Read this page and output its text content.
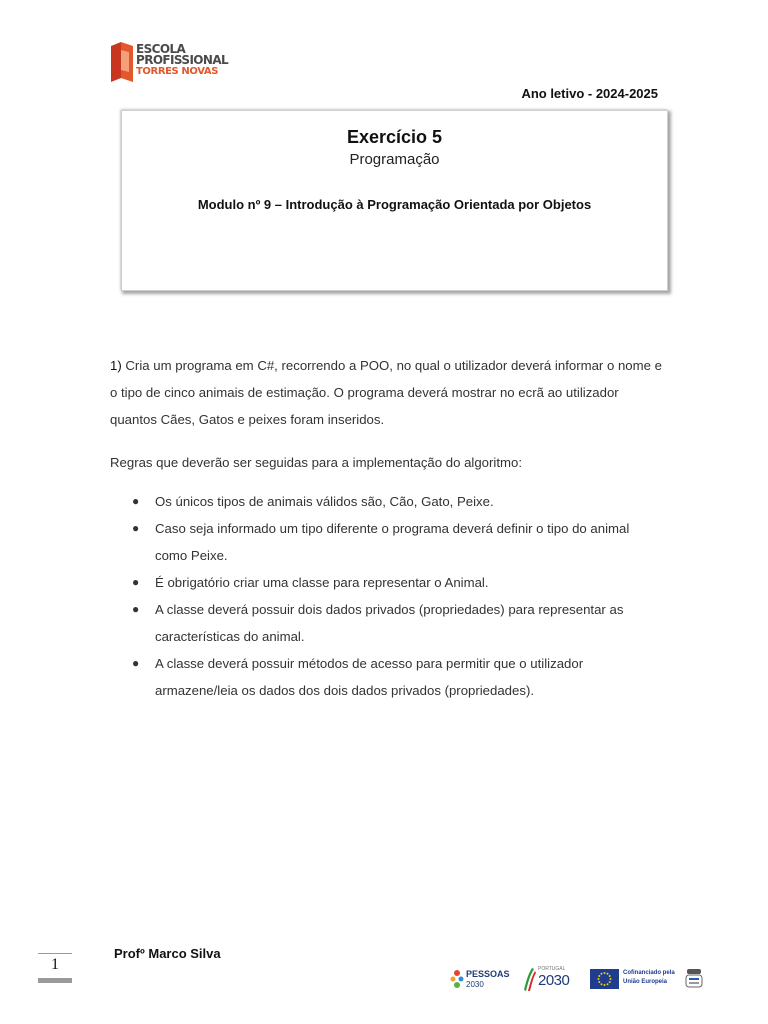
ESCOLA
PROFISSIONAL
TORRES NOVAS
Ano letivo - 2024-2025
Exercício 5
Programação
Modulo nº 9 – Introdução à Programação Orientada por Objetos

1) Cria um programa em C#, recorrendo a POO, no qual o utilizador deverá informar o nome e o tipo de cinco animais de estimação. O programa deverá mostrar no ecrã ao utilizador quantos Cães, Gatos e peixes foram inseridos.

Regras que deverão ser seguidas para a implementação do algoritmo:

● Os únicos tipos de animais válidos são, Cão, Gato, Peixe.
● Caso seja informado um tipo diferente o programa deverá definir o tipo do animal como Peixe.
● É obrigatório criar uma classe para representar o Animal.
● A classe deverá possuir dois dados privados (propriedades) para representar as características do animal.
● A classe deverá possuir métodos de acesso para permitir que o utilizador armazene/leia os dados dos dois dados privados (propriedades).
1
Profº Marco Silva
PESSOAS
2030
PORTUGAL
2030	Cofinanciado pela
União Europeia
